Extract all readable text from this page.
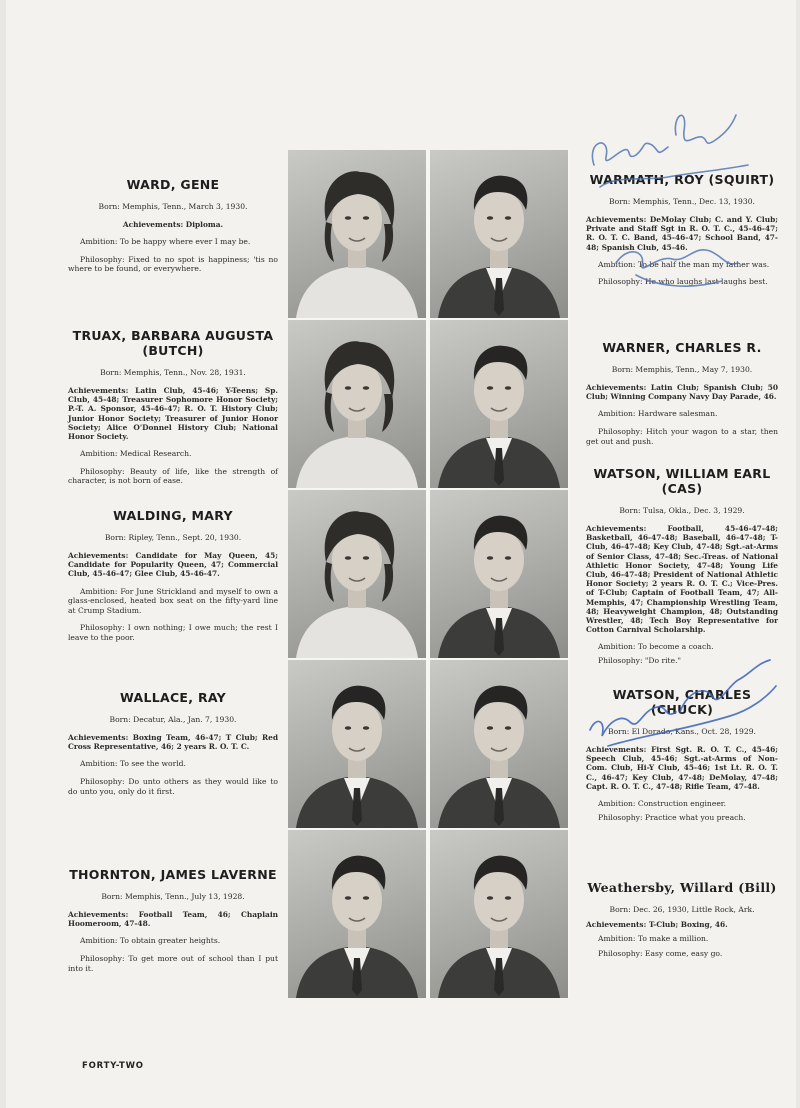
WARD, GENE
Born: Memphis, Tenn., March 3, 1930.
Achievements: Diploma.
Ambition: To be happy where ever I may be.
Philosophy: Fixed to no spot is happiness; 'tis no where to be found, or everywhere.
TRUAX, BARBARA AUGUSTA
(BUTCH)
Born: Memphis, Tenn., Nov. 28, 1931.
Achievements: Latin Club, 45-46; Y-Teens; Sp. Club, 45-48; Treasurer Sophomore Honor Society; P.-T. A. Sponsor, 45-46-47; R. O. T. History Club; Junior Honor Society; Treasurer of Junior Honor Society; Alice O'Donnel History Club; National Honor Society.
Ambition: Medical Research.
Philosophy: Beauty of life, like the strength of character, is not born of ease.
WALDING, MARY
Born: Ripley, Tenn., Sept. 20, 1930.
Achievements: Candidate for May Queen, 45; Candidate for Popularity Queen, 47; Commercial Club, 45-46-47; Glee Club, 45-46-47.
Ambition: For June Strickland and myself to own a glass-enclosed, heated box seat on the fifty-yard line at Crump Stadium.
Philosophy: I own nothing; I owe much; the rest I leave to the poor.
WALLACE, RAY
Born: Decatur, Ala., Jan. 7, 1930.
Achievements: Boxing Team, 46-47; T Club; Red Cross Representative, 46; 2 years R. O. T. C.
Ambition: To see the world.
Philosophy: Do unto others as they would like to do unto you, only do it first.
THORNTON, JAMES LAVERNE
Born: Memphis, Tenn., July 13, 1928.
Achievements: Football Team, 46; Chaplain Hoomeroom, 47-48.
Ambition: To obtain greater heights.
Philosophy: To get more out of school than I put into it.
WARMATH, ROY (SQUIRT)
Born: Memphis, Tenn., Dec. 13, 1930.
Achievements: DeMolay Club; C. and Y. Club; Private and Staff Sgt in R. O. T. C., 45-46-47; R. O. T. C. Band, 45-46-47; School Band, 47-48; Spanish Club, 45-46.
Ambition: To be half the man my father was.
Philosophy: He who laughs last laughs best.
WARNER, CHARLES R.
Born: Memphis, Tenn., May 7, 1930.
Achievements: Latin Club; Spanish Club; 50 Club; Winning Company Navy Day Parade, 46.
Ambition: Hardware salesman.
Philosophy: Hitch your wagon to a star, then get out and push.
WATSON, WILLIAM EARL
(CAS)
Born: Tulsa, Okla., Dec. 3, 1929.
Achievements:	Football, 45-46-47-48; Basketball, 46-47-48; Baseball, 46-47-48; T-Club, 46-47-48; Key Club, 47-48; Sgt.-at-Arms of Senior Class, 47-48; Sec.-Treas. of National Athletic Honor Society, 47-48; Young Life Club, 46-47-48; President of National Athletic Honor Society; 2 years R. O. T. C.; Vice-Pres. of T-Club; Captain of Football Team, 47; All-Memphis, 47; Championship Wrestling Team, 48; Heavyweight Champion, 48; Outstanding Wrestler, 48; Tech Boy Representative for Cotton Carnival Scholarship.
Ambition: To become a coach.
Philosophy: "Do rite."
WATSON, CHARLES (CHUCK)
Born: El Dorado, Kans., Oct. 28, 1929.
Achievements: First Sgt. R. O. T. C., 45-46; Speech Club, 45-46; Sgt.-at-Arms of Non-Com. Club, Hi-Y Club, 45-46; 1st Lt. R. O. T. C., 46-47; Key Club, 47-48; DeMolay, 47-48; Capt. R. O. T. C., 47-48; Rifle Team, 47-48.
Ambition: Construction engineer.
Philosophy: Practice what you preach.
Weathersby, Willard (Bill)
Born: Dec. 26, 1930, Little Rock, Ark.
Achievements: T-Club; Boxing, 46.
Ambition: To make a million.
Philosophy: Easy come, easy go.
FORTY-TWO
